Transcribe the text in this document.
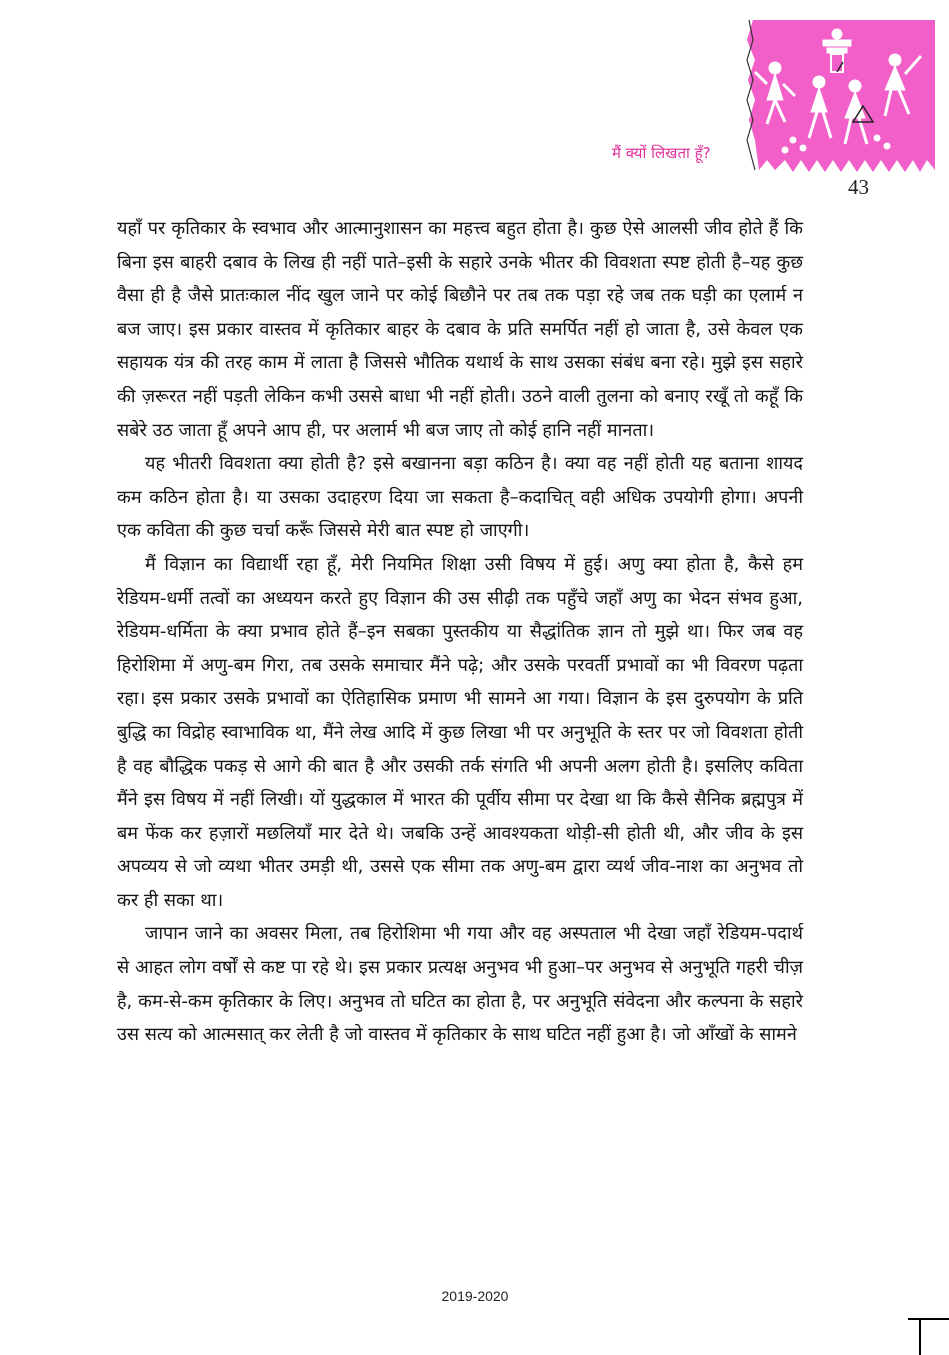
मैं क्यों लिखता हूँ?
43

यहाँ पर कृतिकार के स्वभाव और आत्मानुशासन का महत्त्व बहुत होता है। कुछ ऐसे आलसी जीव होते हैं कि बिना इस बाहरी दबाव के लिख ही नहीं पाते–इसी के सहारे उनके भीतर की विवशता स्पष्ट होती है–यह कुछ वैसा ही है जैसे प्रातःकाल नींद खुल जाने पर कोई बिछौने पर तब तक पड़ा रहे जब तक घड़ी का एलार्म न बज जाए। इस प्रकार वास्तव में कृतिकार बाहर के दबाव के प्रति समर्पित नहीं हो जाता है, उसे केवल एक सहायक यंत्र की तरह काम में लाता है जिससे भौतिक यथार्थ के साथ उसका संबंध बना रहे। मुझे इस सहारे की ज़रूरत नहीं पड़ती लेकिन कभी उससे बाधा भी नहीं होती। उठने वाली तुलना को बनाए रखूँ तो कहूँ कि सबेरे उठ जाता हूँ अपने आप ही, पर अलार्म भी बज जाए तो कोई हानि नहीं मानता।

यह भीतरी विवशता क्या होती है? इसे बखानना बड़ा कठिन है। क्या वह नहीं होती यह बताना शायद कम कठिन होता है। या उसका उदाहरण दिया जा सकता है–कदाचित् वही अधिक उपयोगी होगा। अपनी एक कविता की कुछ चर्चा करूँ जिससे मेरी बात स्पष्ट हो जाएगी।

मैं विज्ञान का विद्यार्थी रहा हूँ, मेरी नियमित शिक्षा उसी विषय में हुई। अणु क्या होता है, कैसे हम रेडियम-धर्मी तत्वों का अध्ययन करते हुए विज्ञान की उस सीढ़ी तक पहुँचे जहाँ अणु का भेदन संभव हुआ, रेडियम-धर्मिता के क्या प्रभाव होते हैं–इन सबका पुस्तकीय या सैद्धांतिक ज्ञान तो मुझे था। फिर जब वह हिरोशिमा में अणु-बम गिरा, तब उसके समाचार मैंने पढ़े; और उसके परवर्ती प्रभावों का भी विवरण पढ़ता रहा। इस प्रकार उसके प्रभावों का ऐतिहासिक प्रमाण भी सामने आ गया। विज्ञान के इस दुरुपयोग के प्रति बुद्धि का विद्रोह स्वाभाविक था, मैंने लेख आदि में कुछ लिखा भी पर अनुभूति के स्तर पर जो विवशता होती है वह बौद्धिक पकड़ से आगे की बात है और उसकी तर्क संगति भी अपनी अलग होती है। इसलिए कविता मैंने इस विषय में नहीं लिखी। यों युद्धकाल में भारत की पूर्वीय सीमा पर देखा था कि कैसे सैनिक ब्रह्मपुत्र में बम फेंक कर हज़ारों मछलियाँ मार देते थे। जबकि उन्हें आवश्यकता थोड़ी-सी होती थी, और जीव के इस अपव्यय से जो व्यथा भीतर उमड़ी थी, उससे एक सीमा तक अणु-बम द्वारा व्यर्थ जीव-नाश का अनुभव तो कर ही सका था।

जापान जाने का अवसर मिला, तब हिरोशिमा भी गया और वह अस्पताल भी देखा जहाँ रेडियम-पदार्थ से आहत लोग वर्षों से कष्ट पा रहे थे। इस प्रकार प्रत्यक्ष अनुभव भी हुआ–पर अनुभव से अनुभूति गहरी चीज़ है, कम-से-कम कृतिकार के लिए। अनुभव तो घटित का होता है, पर अनुभूति संवेदना और कल्पना के सहारे उस सत्य को आत्मसात् कर लेती है जो वास्तव में कृतिकार के साथ घटित नहीं हुआ है। जो आँखों के सामने

2019-2020
